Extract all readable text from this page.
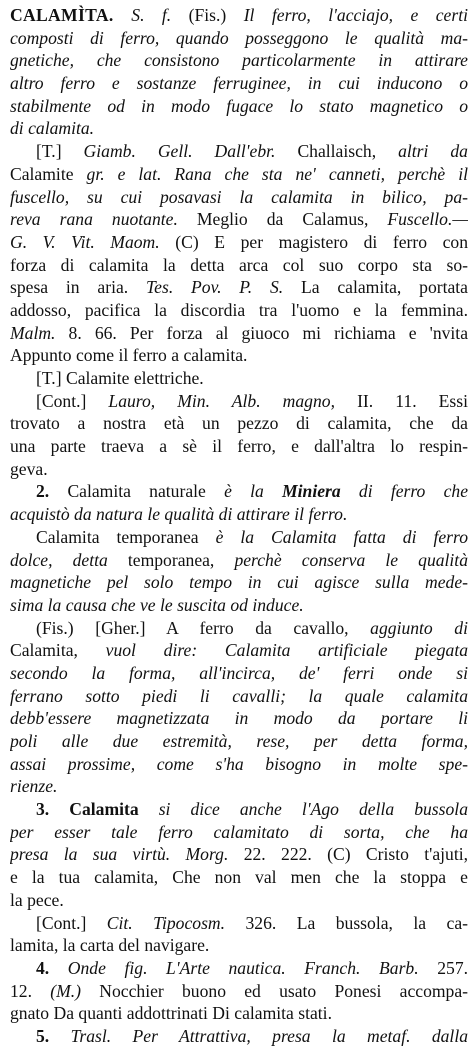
CALAMÌTA. S. f. (Fis.) Il ferro, l'acciajo, e certi
composti di ferro, quando posseggono le qualità ma-
gnetiche, che consistono particolarmente in attirare
altro ferro e sostanze ferruginee, in cui inducono o
stabilmente od in modo fugace lo stato magnetico o
di calamita.
[T.] Giamb. Gell. Dall'ebr. Challaisch, altri da
Calamite gr. e lat. Rana che sta ne' canneti, perchè il
fuscello, su cui posavasi la calamita in bilico, pa-
reva rana nuotante. Meglio da Calamus, Fuscello.—
G. V. Vit. Maom. (C) E per magistero di ferro con
forza di calamita la detta arca col suo corpo sta so-
spesa in aria. Tes. Pov. P. S. La calamita, portata
addosso, pacifica la discordia tra l'uomo e la femmina.
Malm. 8. 66. Per forza al giuoco mi richiama e 'nvita
Appunto come il ferro a calamita.
[T.] Calamite elettriche.
[Cont.] Lauro, Min. Alb. magno, II. 11. Essi
trovato a nostra età un pezzo di calamita, che da
una parte traeva a sè il ferro, e dall'altra lo respin-
geva.
2. Calamita naturale è la Miniera di ferro che
acquistò da natura le qualità di attirare il ferro.
Calamita temporanea è la Calamita fatta di ferro
dolce, detta temporanea, perchè conserva le qualità
magnetiche pel solo tempo in cui agisce sulla mede-
sima la causa che ve le suscita od induce.
(Fis.) [Gher.] A ferro da cavallo, aggiunto di
Calamita, vuol dire: Calamita artificiale piegata
secondo la forma, all'incirca, de' ferri onde si
ferrano sotto piedi li cavalli; la quale calamita
debb'essere magnetizzata in modo da portare li
poli alle due estremità, rese, per detta forma,
assai prossime, come s'ha bisogno in molte spe-
rienze.
3. Calamita si dice anche l'Ago della bussola
per esser tale ferro calamitato di sorta, che ha
presa la sua virtù. Morg. 22. 222. (C) Cristo t'ajuti,
e la tua calamita, Che non val men che la stoppa e
la pece.
[Cont.] Cit. Tipocosm. 326. La bussola, la ca-
lamita, la carta del navigare.
4. Onde fig. L'Arte nautica. Franch. Barb. 257.
12. (M.) Nocchier buono ed usato Ponesi accompa-
gnato Da quanti addottrinati Di calamita stati.
5. Trasl. Per Attrattiva, presa la metaf. dalla
